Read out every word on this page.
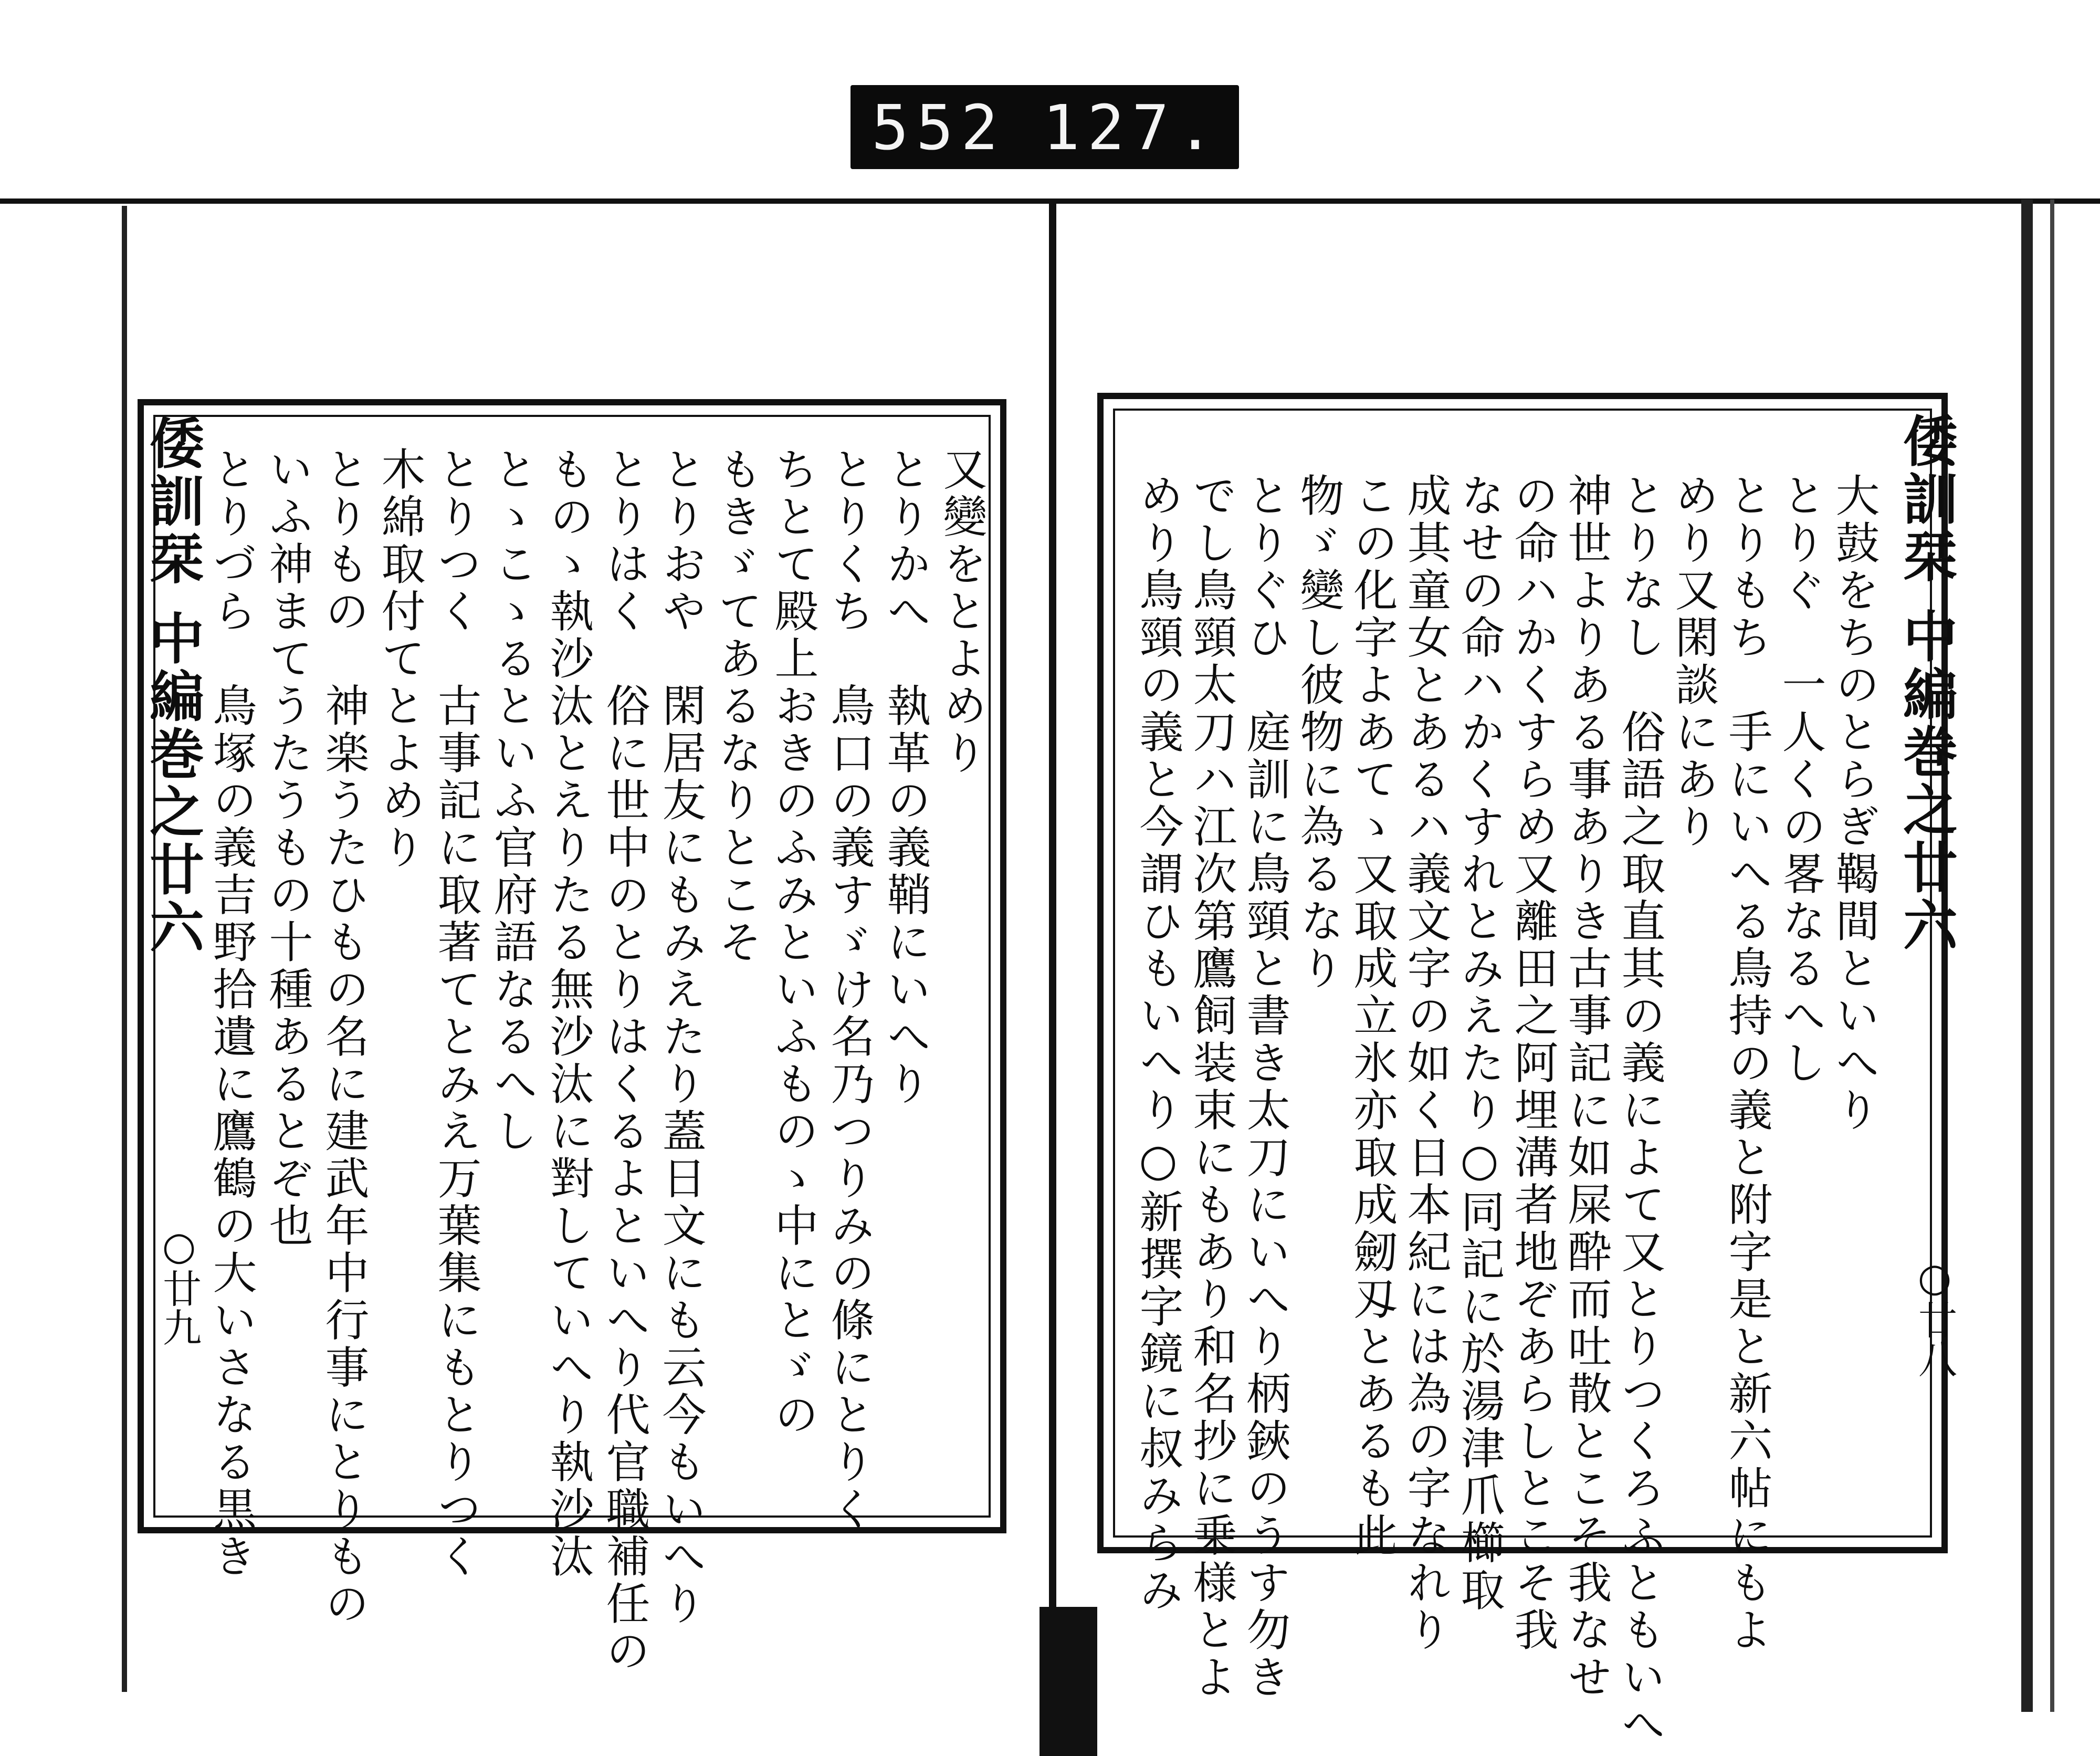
552 127.
倭訓栞 中編巻之廿六
○廿九
又變をとよめり
とりかへ　執革の義鞘にいへり
とりくち　鳥口の義すゞけ名乃つりみの條にとりく
ちとて殿上おきのふみといふものゝ中にとゞの
もきゞてあるなりとこそ
とりおや　閑居友にもみえたり蓋日文にも云今もいへり
とりはく　俗に世中のとりはくるよといへり代官職補任の
ものゝ執沙汰とえりたる無沙汰に對していへり執沙汰
とゝこゝるといふ官府語なるへし
とりつく　古事記に取著てとみえ万葉集にもとりつく
木綿取付てとよめり
とりもの　神楽うたひもの名に建武年中行事にとりもの
いふ神まてうたうもの十種あるとぞ也
とりづら　鳥塚の義吉野拾遺に鷹鶴の大いさなる黒き	倭訓栞 中編巻之廿六
○廿八
大鼓をちのとらぎ鞨間といへり
とりぐ　一人くの畧なるへし
とりもち　手にいへる鳥持の義と附字是と新六帖にもよ
めり又閑談にあり
とりなし　俗語之取直其の義によて又とりつくろふともいへ
神世よりある事ありき古事記に如屎酔而吐散とこそ我なせ
の命ハかくすらめ又離田之阿埋溝者地ぞあらしとこそ我
なせの命ハかくすれとみえたり○同記に於湯津爪櫛取
成其童女とあるハ義文字の如く日本紀には為の字なれり
この化字よあてゝ又取成立氷亦取成劒刄とあるも此
物ゞ變し彼物に為るなり
とりぐひ　庭訓に鳥頸と書き太刀にいへり柄鋏のうす勿き
でし鳥頸太刀ハ江次第鷹飼装束にもあり和名抄に乗様とよ
めり鳥頸の義と今謂ひもいへり○新撰字鏡に叔みらみ
